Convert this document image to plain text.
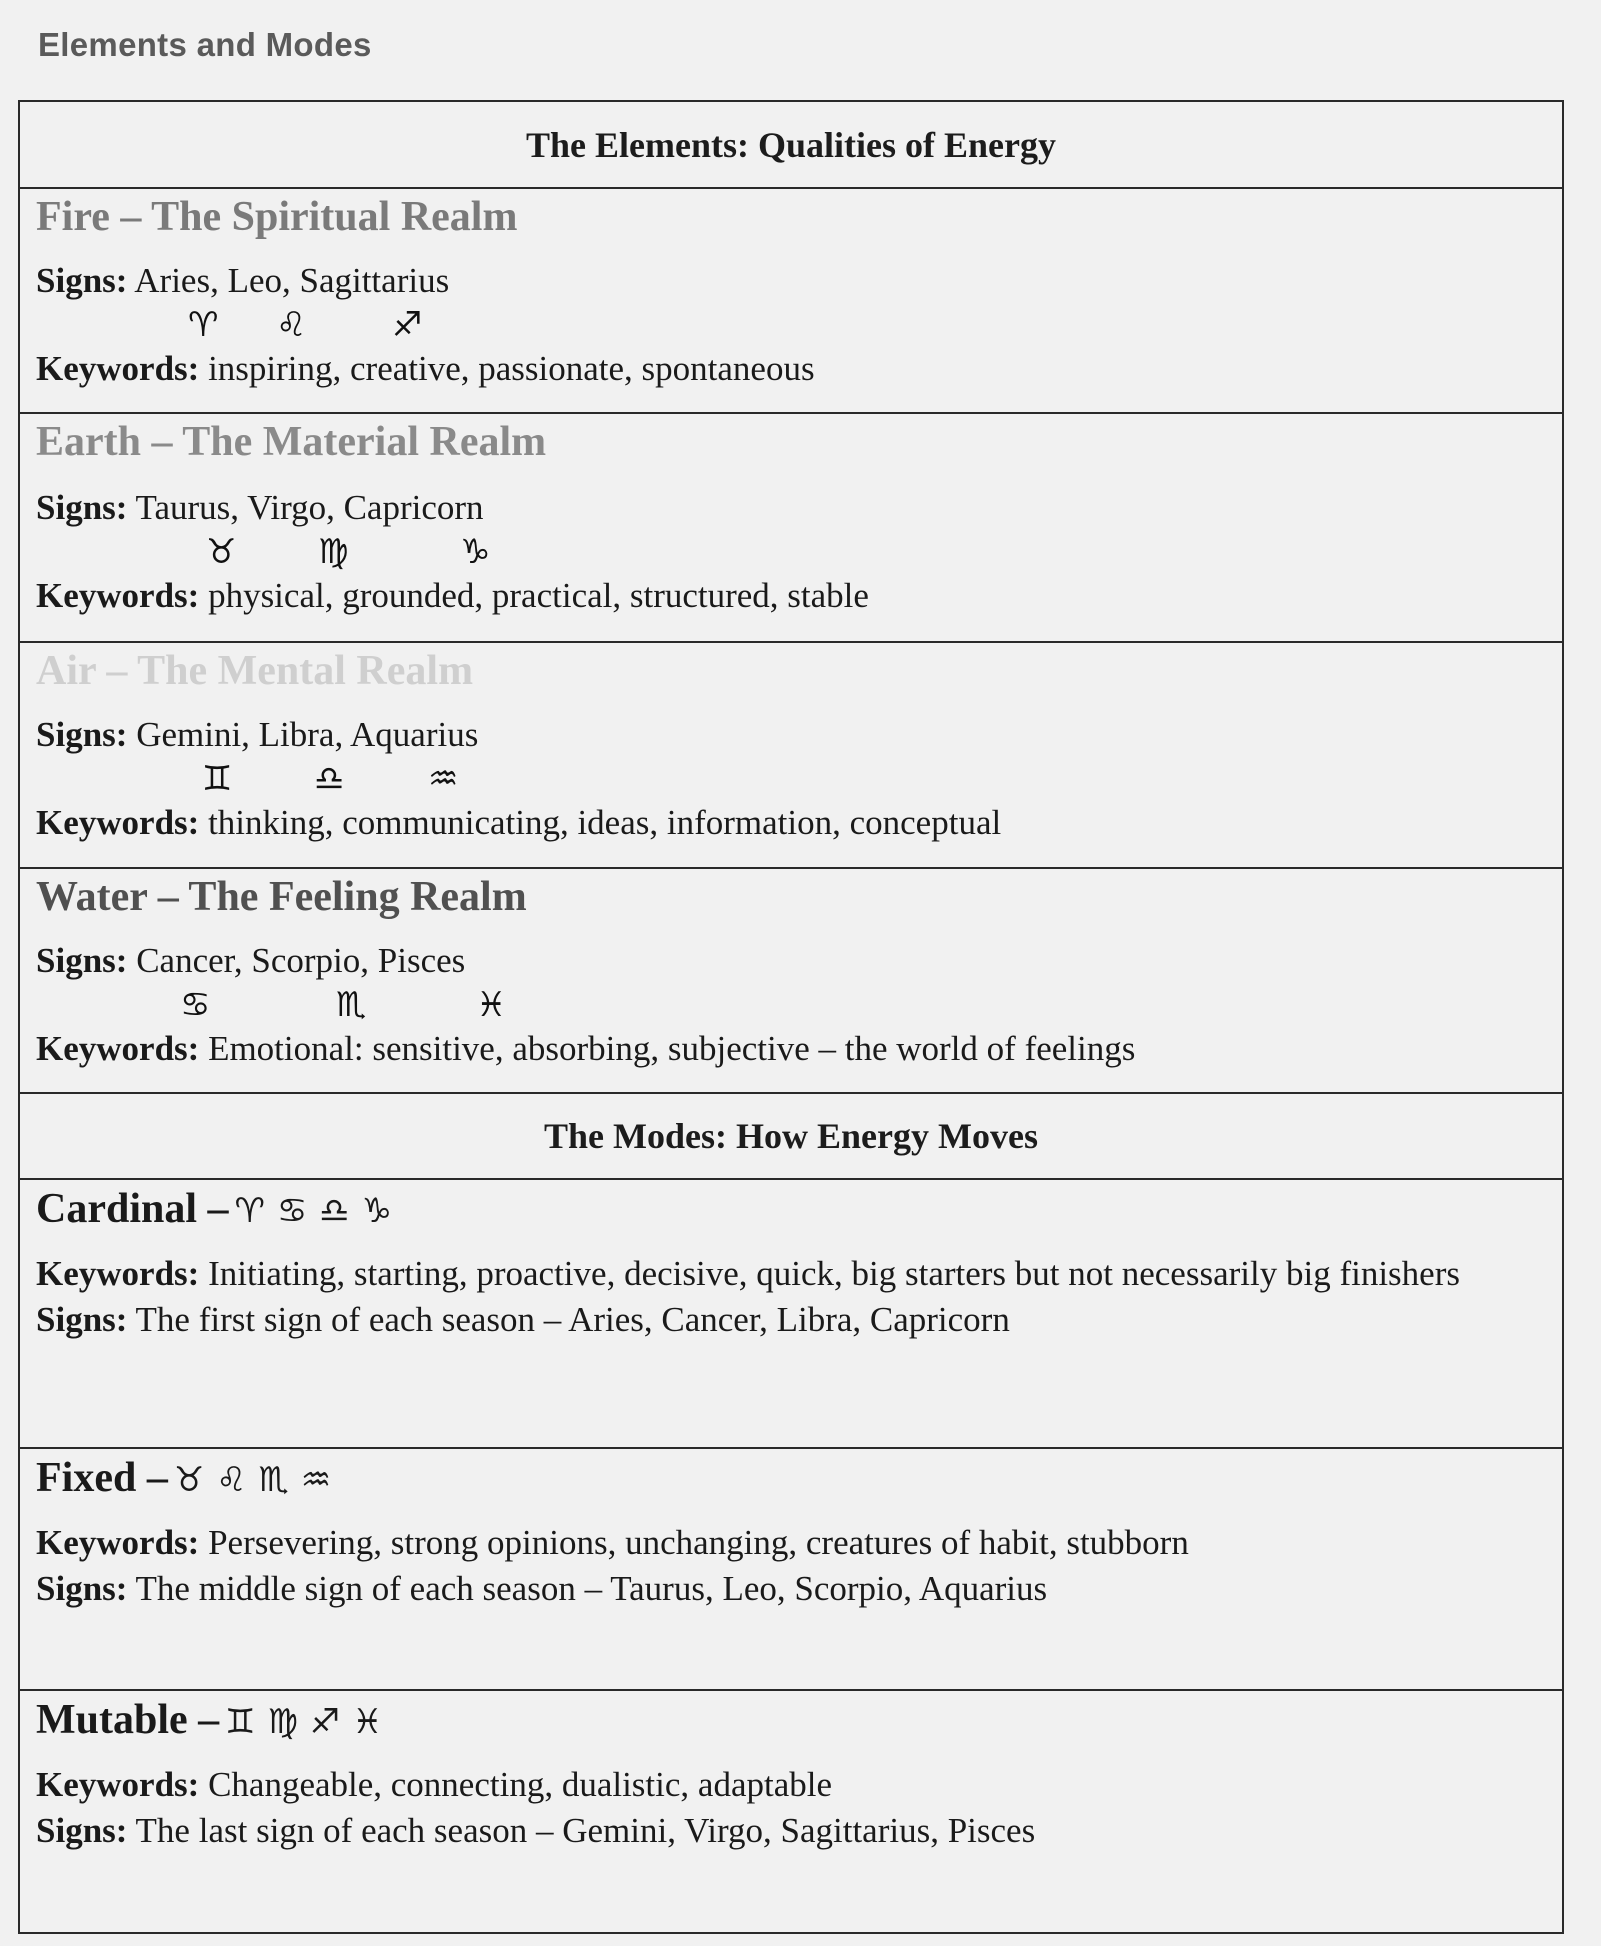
Elements and Modes
The Elements: Qualities of Energy
Fire – The Spiritual Realm
Signs: Aries, Leo, Sagittarius
♈ ♌	♐
Keywords: inspiring, creative, passionate, spontaneous
Earth – The Material Realm
Signs: Taurus, Virgo, Capricorn
♉ ♍	♑
Keywords: physical, grounded, practical, structured, stable
Air – The Mental Realm
Signs: Gemini, Libra, Aquarius
♊ ♎ ♒
Keywords: thinking, communicating, ideas, information, conceptual
Water – The Feeling Realm
Signs: Cancer, Scorpio, Pisces
♋	♏	♓
Keywords: Emotional: sensitive, absorbing, subjective – the world of feelings
The Modes: How Energy Moves
Cardinal – ♈ ♋ ♎ ♑
Keywords: Initiating, starting, proactive, decisive, quick, big starters but not necessarily big finishers
Signs: The first sign of each season – Aries, Cancer, Libra, Capricorn
Fixed – ♉ ♌ ♏ ♒
Keywords: Persevering, strong opinions, unchanging, creatures of habit, stubborn
Signs: The middle sign of each season – Taurus, Leo, Scorpio, Aquarius
Mutable – ♊ ♍ ♐ ♓
Keywords: Changeable, connecting, dualistic, adaptable
Signs: The last sign of each season – Gemini, Virgo, Sagittarius, Pisces
